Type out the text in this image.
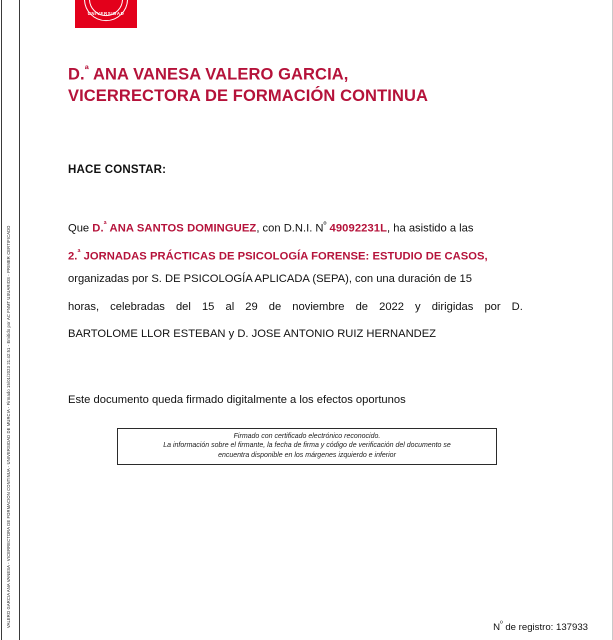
VALERO GARCIA ANA VANESA - VICERRECTORA DE FORMACION CONTINUA - UNIVERSIDAD DE MURCIA - Firmado 15/01/2023 21:42:51 - Emitido por AC FNMT USUARIOS - PRIMER CERTIFICADO
UNIVERSIDAD
D.$^ª$ ANA VANESA VALERO GARCIA,
VICERRECTORA DE FORMACIÓN CONTINUA
HACE CONSTAR:
Que D.$^ª$ ANA SANTOS DOMINGUEZ, con D.N.I. $N^º$ 49092231L, ha asistido a las
2.$^ª$ JORNADAS PRÁCTICAS DE PSICOLOGÍA FORENSE: ESTUDIO DE CASOS,
organizadas por S. DE PSICOLOGÍA APLICADA (SEPA), con una duración de 15
horas, celebradas del 15 al 29 de noviembre de 2022 y dirigidas por D.
BARTOLOME LLOR ESTEBAN y D. JOSE ANTONIO RUIZ HERNANDEZ
Este documento queda firmado digitalmente a los efectos oportunos
Firmado con certificado electrónico reconocido.
La información sobre el firmante, la fecha de firma y código de verificación del documento se
encuentra disponible en los márgenes izquierdo e inferior
$N^º$ de registro: 137933
